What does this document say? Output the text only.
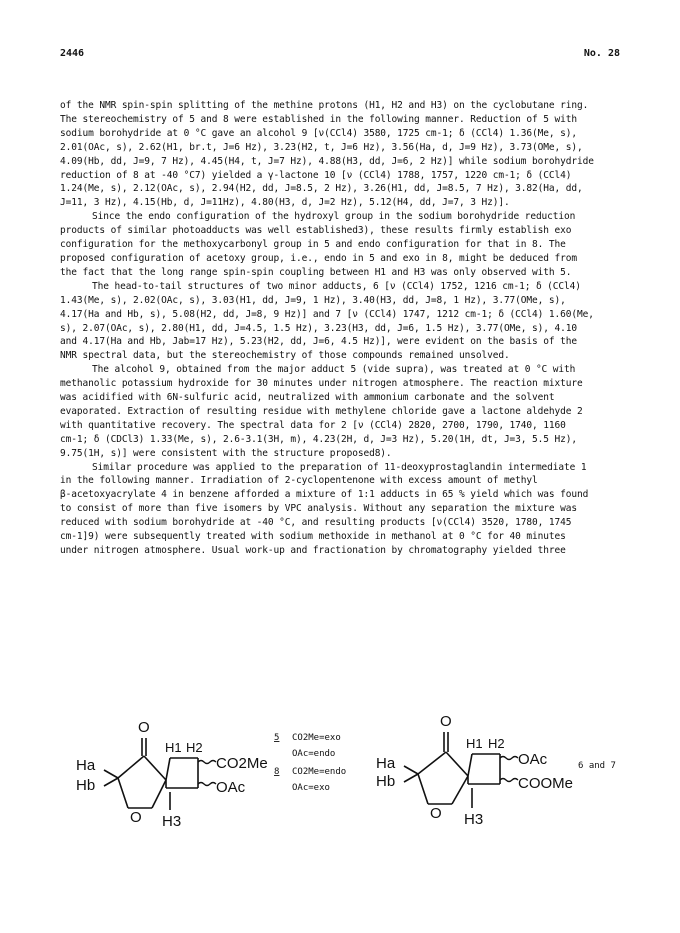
2446	No. 28
of the NMR spin-spin splitting of the methine protons (H1, H2 and H3) on the cyclobutane ring.
The stereochemistry of 5 and 8 were established in the following manner. Reduction of 5 with
sodium borohydride at 0 °C gave an alcohol 9 [ν(CCl4) 3580, 1725 cm-1; δ (CCl4) 1.36(Me, s),
2.01(OAc, s), 2.62(H1, br.t, J=6 Hz), 3.23(H2, t, J=6 Hz), 3.56(Ha, d, J=9 Hz), 3.73(OMe, s),
4.09(Hb, dd, J=9, 7 Hz), 4.45(H4, t, J=7 Hz), 4.88(H3, dd, J=6, 2 Hz)] while sodium borohydride
reduction of 8 at -40 °C7) yielded a γ-lactone 10 [ν (CCl4) 1788, 1757, 1220 cm-1; δ (CCl4)
1.24(Me, s), 2.12(OAc, s), 2.94(H2, dd, J=8.5, 2 Hz), 3.26(H1, dd, J=8.5, 7 Hz), 3.82(Ha, dd,
J=11, 3 Hz), 4.15(Hb, d, J=11Hz), 4.80(H3, d, J=2 Hz), 5.12(H4, dd, J=7, 3 Hz)].
Since the endo configuration of the hydroxyl group in the sodium borohydride reduction
products of similar photoadducts was well established3), these results firmly establish exo
configuration for the methoxycarbonyl group in 5 and endo configuration for that in 8. The
proposed configuration of acetoxy group, i.e., endo in 5 and exo in 8, might be deduced from
the fact that the long range spin-spin coupling between H1 and H3 was only observed with 5.
The head-to-tail structures of two minor adducts, 6 [ν (CCl4) 1752, 1216 cm-1; δ (CCl4)
1.43(Me, s), 2.02(OAc, s), 3.03(H1, dd, J=9, 1 Hz), 3.40(H3, dd, J=8, 1 Hz), 3.77(OMe, s),
4.17(Ha and Hb, s), 5.08(H2, dd, J=8, 9 Hz)] and 7 [ν (CCl4) 1747, 1212 cm-1; δ (CCl4) 1.60(Me,
s), 2.07(OAc, s), 2.80(H1, dd, J=4.5, 1.5 Hz), 3.23(H3, dd, J=6, 1.5 Hz), 3.77(OMe, s), 4.10
and 4.17(Ha and Hb, Jab=17 Hz), 5.23(H2, dd, J=6, 4.5 Hz)], were evident on the basis of the
NMR spectral data, but the stereochemistry of those compounds remained unsolved.
The alcohol 9, obtained from the major adduct 5 (vide supra), was treated at 0 °C with
methanolic potassium hydroxide for 30 minutes under nitrogen atmosphere. The reaction mixture
was acidified with 6N-sulfuric acid, neutralized with ammonium carbonate and the solvent
evaporated. Extraction of resulting residue with methylene chloride gave a lactone aldehyde 2
with quantitative recovery. The spectral data for 2 [ν (CCl4) 2820, 2700, 1790, 1740, 1160
cm-1; δ (CDCl3) 1.33(Me, s), 2.6-3.1(3H, m), 4.23(2H, d, J=3 Hz), 5.20(1H, dt, J=3, 5.5 Hz),
9.75(1H, s)] were consistent with the structure proposed8).
Similar procedure was applied to the preparation of 11-deoxyprostaglandin intermediate 1
in the following manner. Irradiation of 2-cyclopentenone with excess amount of methyl
β-acetoxyacrylate 4 in benzene afforded a mixture of 1:1 adducts in 65 % yield which was found
to consist of more than five isomers by VPC analysis. Without any separation the mixture was
reduced with sodium borohydride at -40 °C, and resulting products [ν(CCl4) 3520, 1780, 1745
cm-1]9) were subsequently treated with sodium methoxide in methanol at 0 °C for 40 minutes
under nitrogen atmosphere. Usual work-up and fractionation by chromatography yielded three
O
H1 H2
Ha
Hb
O H3
CO2Me
OAc
5 CO2Me=exo
OAc=endo
8 CO2Me=endo
OAc=exo
O
H1 H2
Ha
Hb
O H3
OAc
COOMe
6 and 7
